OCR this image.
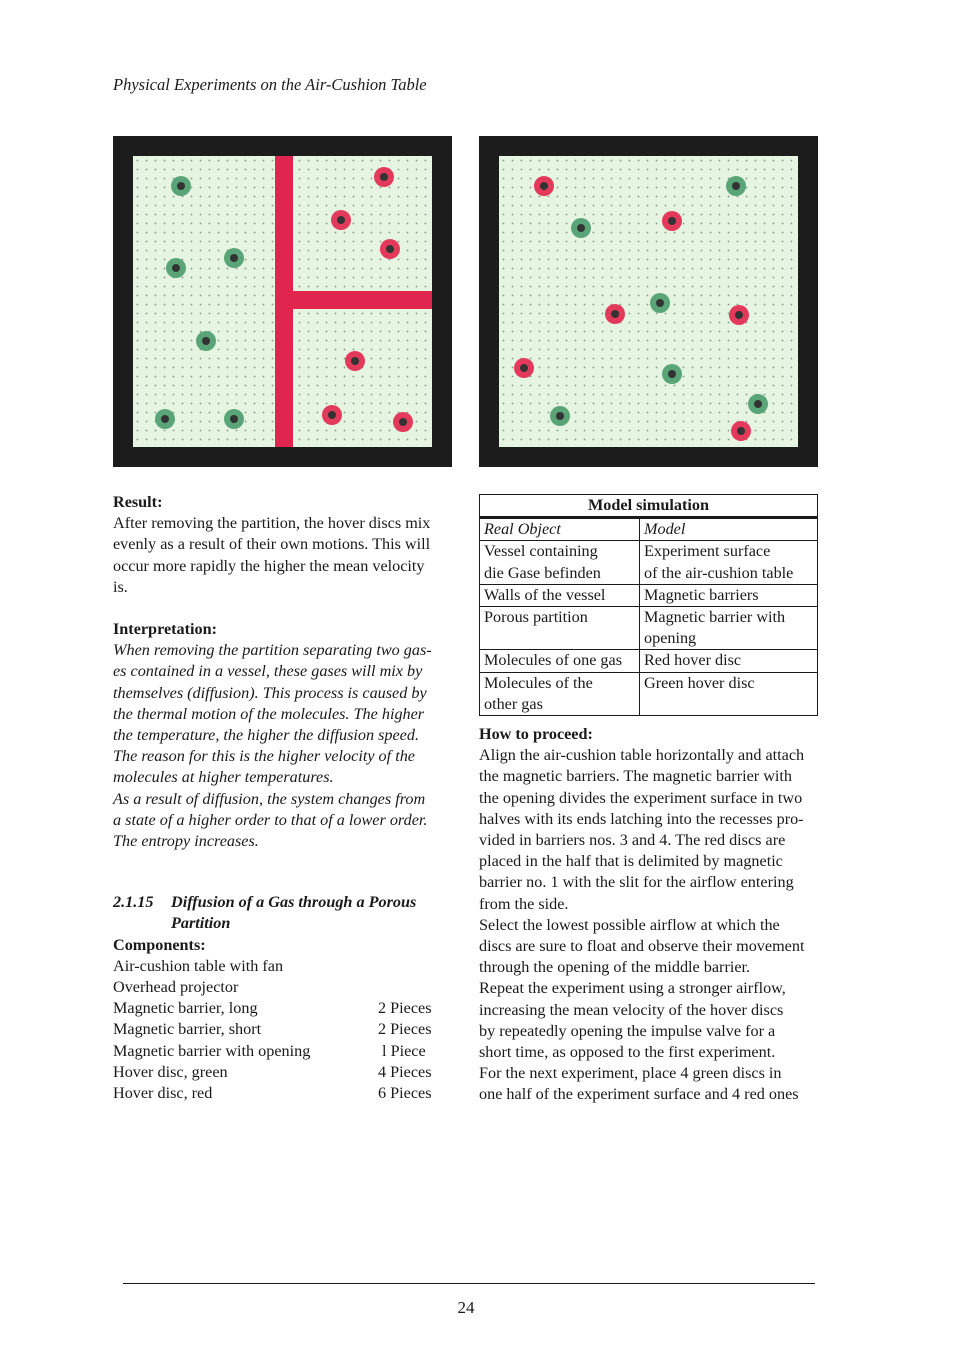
Physical Experiments on the Air-Cushion Table
Result:

After removing the partition, the hover discs mix
evenly as a result of their own motions. This will
occur more rapidly the higher the mean velocity
is.

Interpretation:

When removing the partition separating two gas-
es contained in a vessel, these gases will mix by
themselves (diffusion). This process is caused by
the thermal motion of the molecules. The higher
the temperature, the higher the diffusion speed.
The reason for this is the higher velocity of the
molecules at higher temperatures.
As a result of diffusion, the system changes from
a state of a higher order to that of a lower order.
The entropy increases.

2.1.15	Diffusion of a Gas through a Porous
Partition
Components:
Air-cushion table with fan
Overhead projector
Magnetic barrier, long	2 Pieces
Magnetic barrier, short	2 Pieces
Magnetic barrier with opening	l Piece
Hover disc, green	4 Pieces
Hover disc, red	6 Pieces
Model simulation	
Real Object	Model
Vessel containing
die Gase befinden	Experiment surface
of the air-cushion table
Walls of the vessel	Magnetic barriers
Porous partition	Magnetic barrier with
opening
Molecules of one gas	Red hover disc
Molecules of the
other gas	Green hover disc
How to proceed:

Align the air-cushion table horizontally and attach
the magnetic barriers. The magnetic barrier with
the opening divides the experiment surface in two
halves with its ends latching into the recesses pro-
vided in barriers nos. 3 and 4. The red discs are
placed in the half that is delimited by magnetic
barrier no. 1 with the slit for the airflow entering
from the side.
Select the lowest possible airflow at which the
discs are sure to float and observe their movement
through the opening of the middle barrier.
Repeat the experiment using a stronger airflow,
increasing the mean velocity of the hover discs
by repeatedly opening the impulse valve for a
short time, as opposed to the first experiment.
For the next experiment, place 4 green discs in
one half of the experiment surface and 4 red ones

24
